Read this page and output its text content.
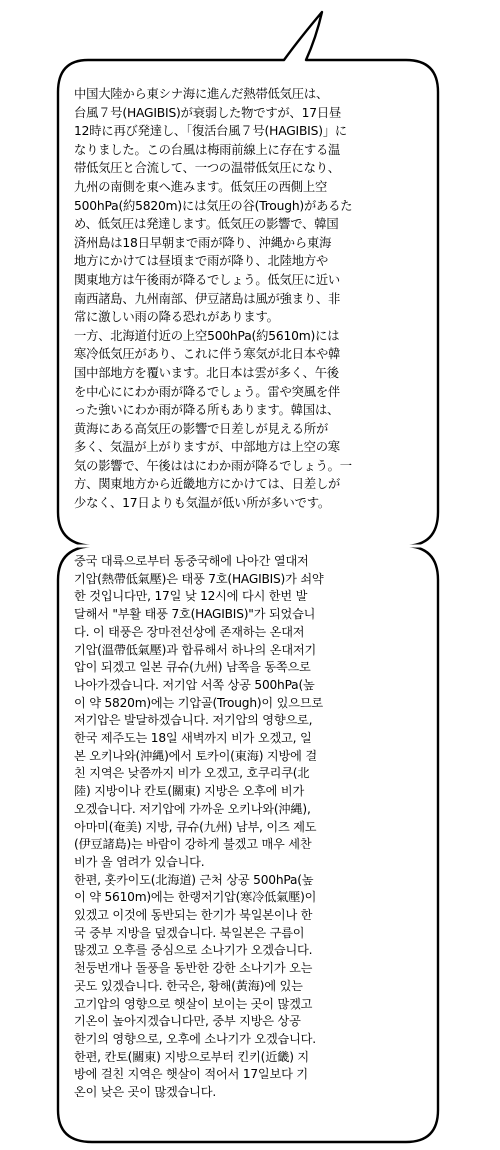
中国大陸から東シナ海に進んだ熱帯低気圧は、
台風７号(HAGIBIS)が衰弱した物ですが、17日昼
12時に再び発達し、「復活台風７号(HAGIBIS)」に
なりました。この台風は梅雨前線上に存在する温
帯低気圧と合流して、一つの温帯低気圧になり、
九州の南側を東へ進みます。低気圧の西側上空
500hPa(約5820m)には気圧の谷(Trough)があるた
め、低気圧は発達します。低気圧の影響で、韓国
済州島は18日早朝まで雨が降り、沖縄から東海
地方にかけては昼頃まで雨が降り、北陸地方や
関東地方は午後雨が降るでしょう。低気圧に近い
南西諸島、九州南部、伊豆諸島は風が強まり、非
常に激しい雨の降る恐れがあります。

一方、北海道付近の上空500hPa(約5610m)には
寒冷低気圧があり、これに伴う寒気が北日本や韓
国中部地方を覆います。北日本は雲が多く、午後
を中心ににわか雨が降るでしょう。雷や突風を伴
った強いにわか雨が降る所もあります。韓国は、
黄海にある高気圧の影響で日差しが見える所が
多く、気温が上がりますが、中部地方は上空の寒
気の影響で、午後ははにわか雨が降るでしょう。一
方、関東地方から近畿地方にかけては、日差しが
少なく、17日よりも気温が低い所が多いです。

중국 대륙으로부터 동중국해에 나아간 열대저
기압(熱帶低氣壓)은 태풍 7호(HAGIBIS)가 쇠약
한 것입니다만, 17일 낮 12시에 다시 한번 발
달해서 "부활 태풍 7호(HAGIBIS)"가 되었습니
다. 이 태풍은 장마전선상에 존재하는 온대저
기압(溫帶低氣壓)과 합류해서 하나의 온대저기
압이 되겠고 일본 큐슈(九州) 남쪽을 동쪽으로
나아가겠습니다. 저기압 서쪽 상공 500hPa(높
이 약 5820m)에는 기압골(Trough)이 있으므로
저기압은 발달하겠습니다. 저기압의 영향으로,
한국 제주도는 18일 새벽까지 비가 오겠고, 일
본 오키나와(沖縄)에서 토카이(東海) 지방에 걸
친 지역은 낮쯤까지 비가 오겠고, 호쿠리쿠(北
陸) 지방이나 칸토(關東) 지방은 오후에 비가
오겠습니다. 저기압에 가까운 오키나와(沖縄),
아마미(奄美) 지방, 큐슈(九州) 남부, 이즈 제도
(伊豆諸島)는 바람이 강하게 불겠고 매우 세찬
비가 올 염려가 있습니다.

한편, 홋카이도(北海道) 근처 상공 500hPa(높
이 약 5610m)에는 한랭저기압(寒冷低氣壓)이
있겠고 이것에 동반되는 한기가 북일본이나 한
국 중부 지방을 덮겠습니다. 북일본은 구름이
많겠고 오후를 중심으로 소나기가 오겠습니다.
천둥번개나 돌풍을 동반한 강한 소나기가 오는
곳도 있겠습니다. 한국은, 황해(黃海)에 있는
고기압의 영향으로 햇살이 보이는 곳이 많겠고
기온이 높아지겠습니다만, 중부 지방은 상공
한기의 영향으로, 오후에 소나기가 오겠습니다.
한편, 칸토(關東) 지방으로부터 킨키(近畿) 지
방에 걸친 지역은 햇살이 적어서 17일보다 기
온이 낮은 곳이 많겠습니다.
